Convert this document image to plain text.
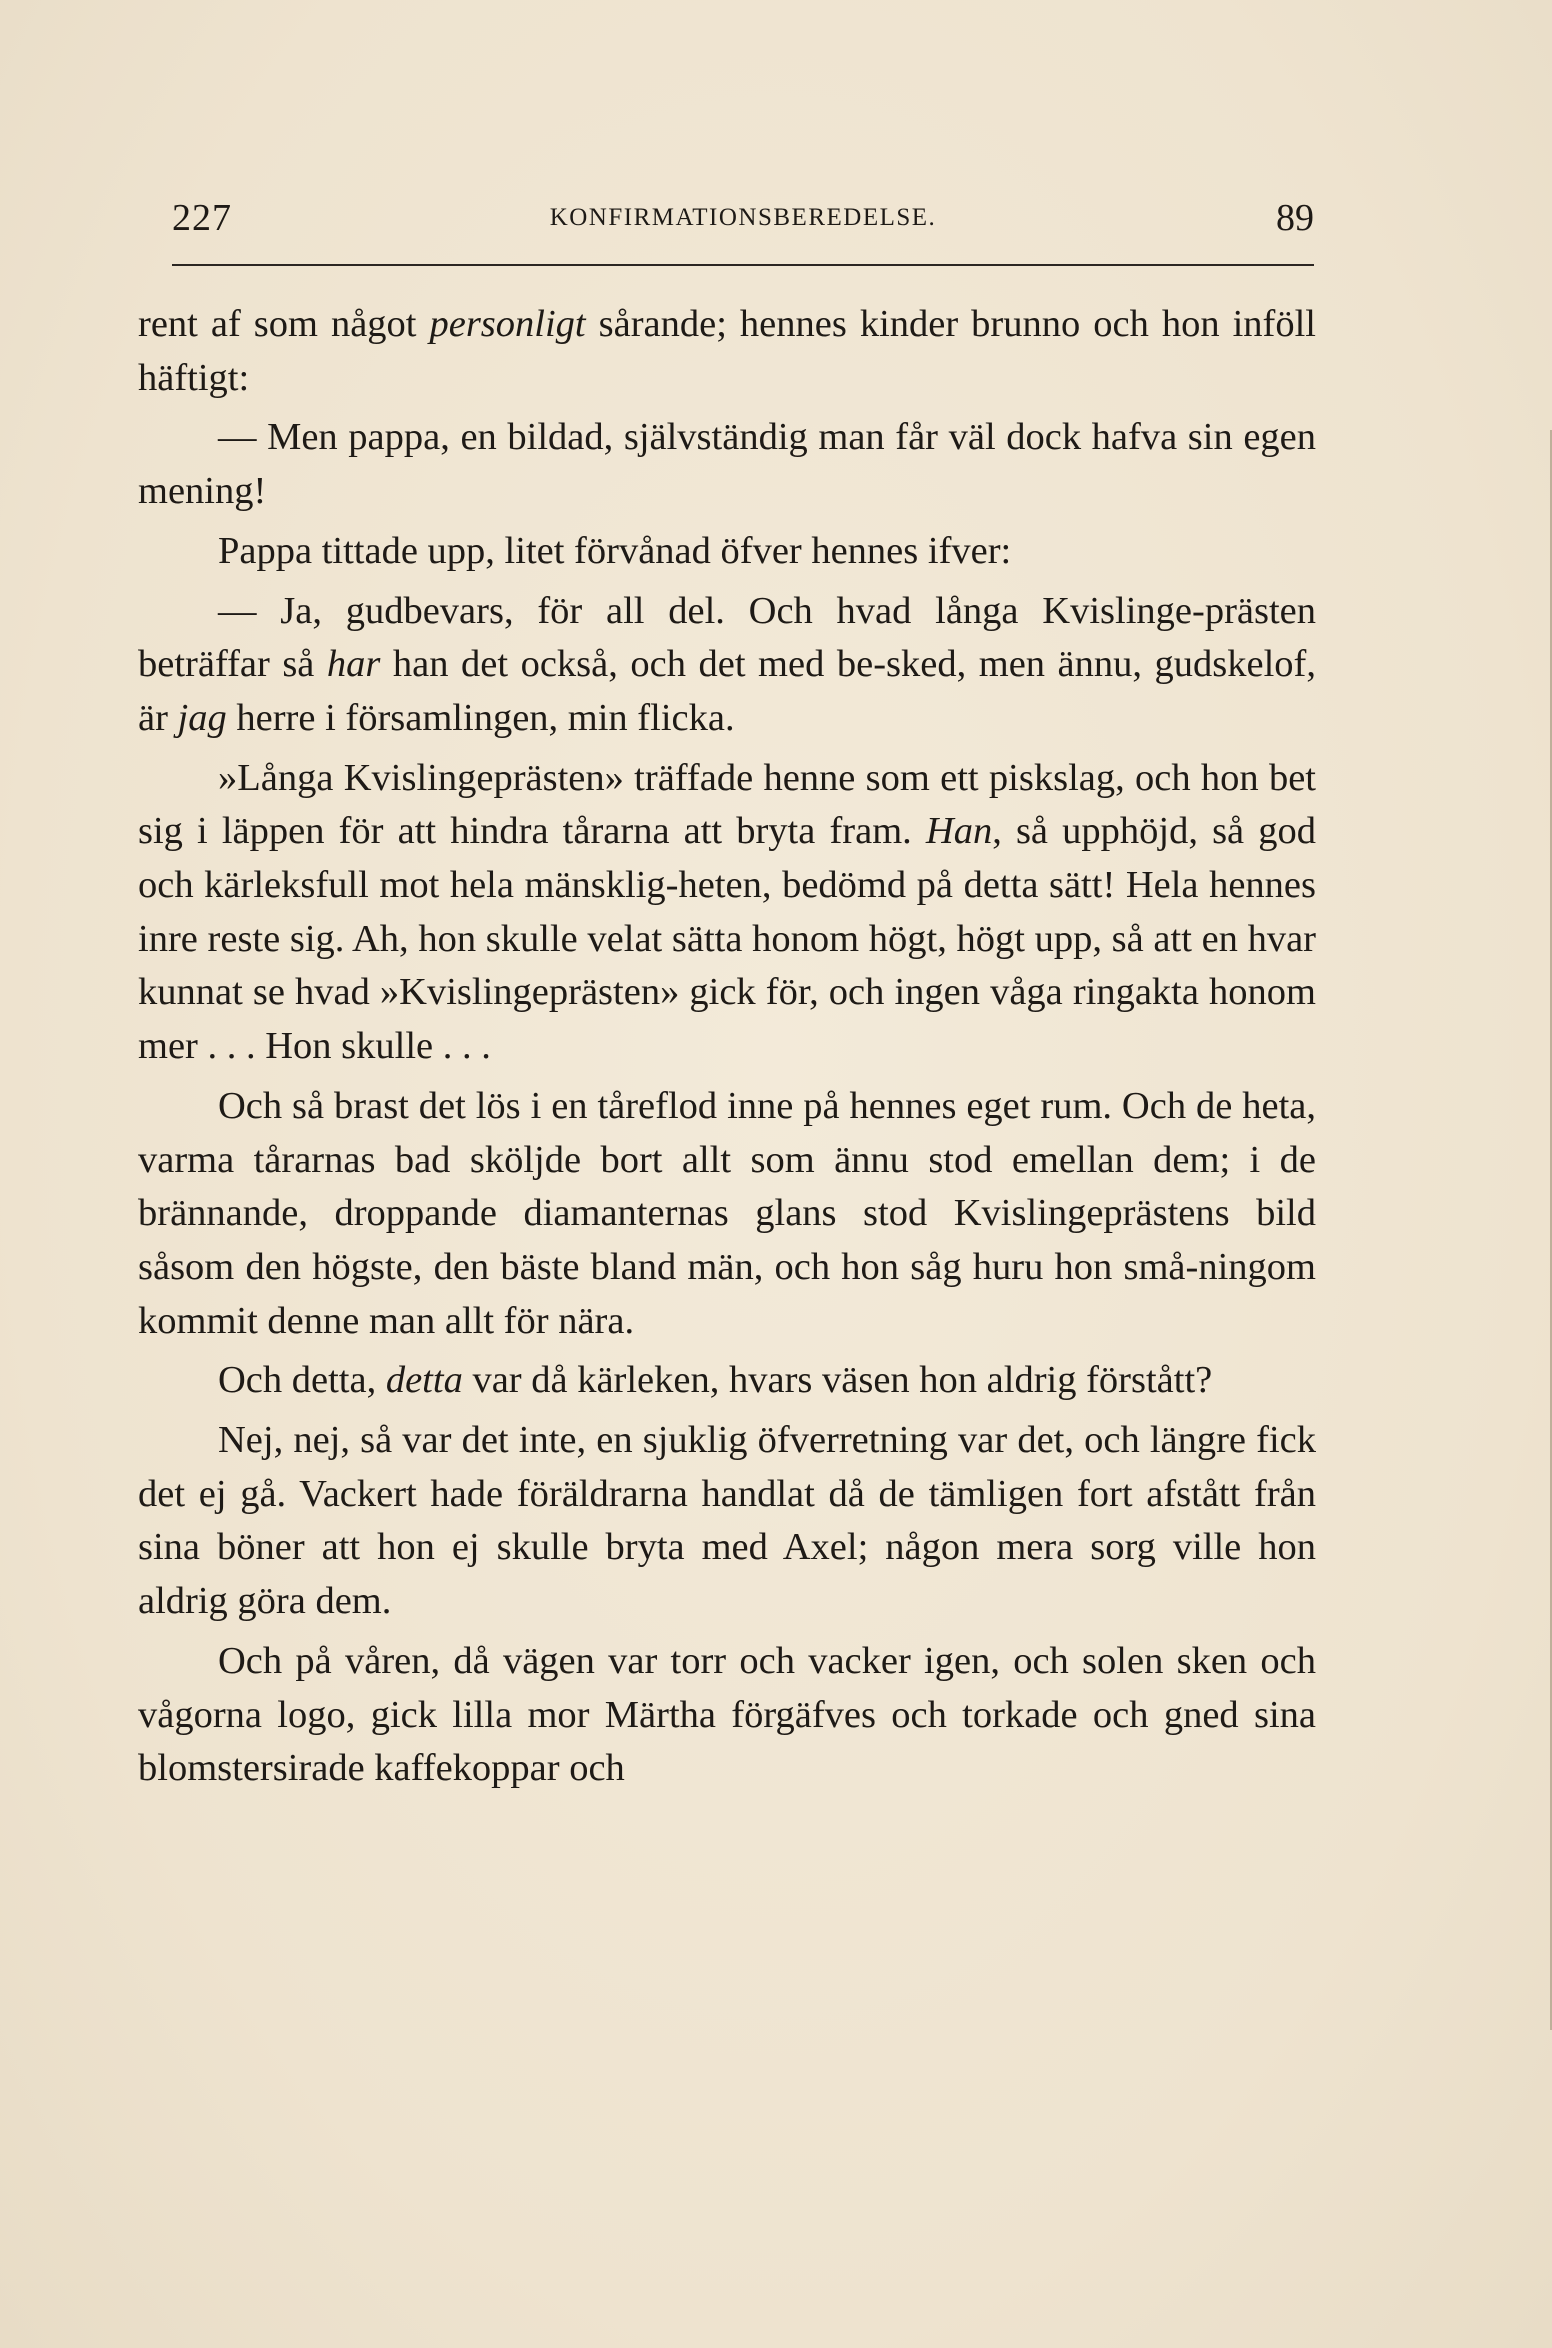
227	KONFIRMATIONSBEREDELSE.	89

rent af som något personligt sårande; hennes kinder brunno och hon inföll häftigt:

— Men pappa, en bildad, självständig man får väl dock hafva sin egen mening!

Pappa tittade upp, litet förvånad öfver hennes ifver:

— Ja, gudbevars, för all del. Och hvad långa Kvislinge-prästen beträffar så har han det också, och det med be-sked, men ännu, gudskelof, är jag herre i församlingen, min flicka.

»Långa Kvislingeprästen» träffade henne som ett piskslag, och hon bet sig i läppen för att hindra tårarna att bryta fram. Han, så upphöjd, så god och kärleksfull mot hela mänsklig-heten, bedömd på detta sätt! Hela hennes inre reste sig. Ah, hon skulle velat sätta honom högt, högt upp, så att en hvar kunnat se hvad »Kvislingeprästen» gick för, och ingen våga ringakta honom mer . . . Hon skulle . . .

Och så brast det lös i en tåreflod inne på hennes eget rum. Och de heta, varma tårarnas bad sköljde bort allt som ännu stod emellan dem; i de brännande, droppande diamanternas glans stod Kvislingeprästens bild såsom den högste, den bäste bland män, och hon såg huru hon små-ningom kommit denne man allt för nära.

Och detta, detta var då kärleken, hvars väsen hon aldrig förstått?

Nej, nej, så var det inte, en sjuklig öfverretning var det, och längre fick det ej gå. Vackert hade föräldrarna handlat då de tämligen fort afstått från sina böner att hon ej skulle bryta med Axel; någon mera sorg ville hon aldrig göra dem.

Och på våren, då vägen var torr och vacker igen, och solen sken och vågorna logo, gick lilla mor Märtha förgäfves och torkade och gned sina blomstersirade kaffekoppar och
